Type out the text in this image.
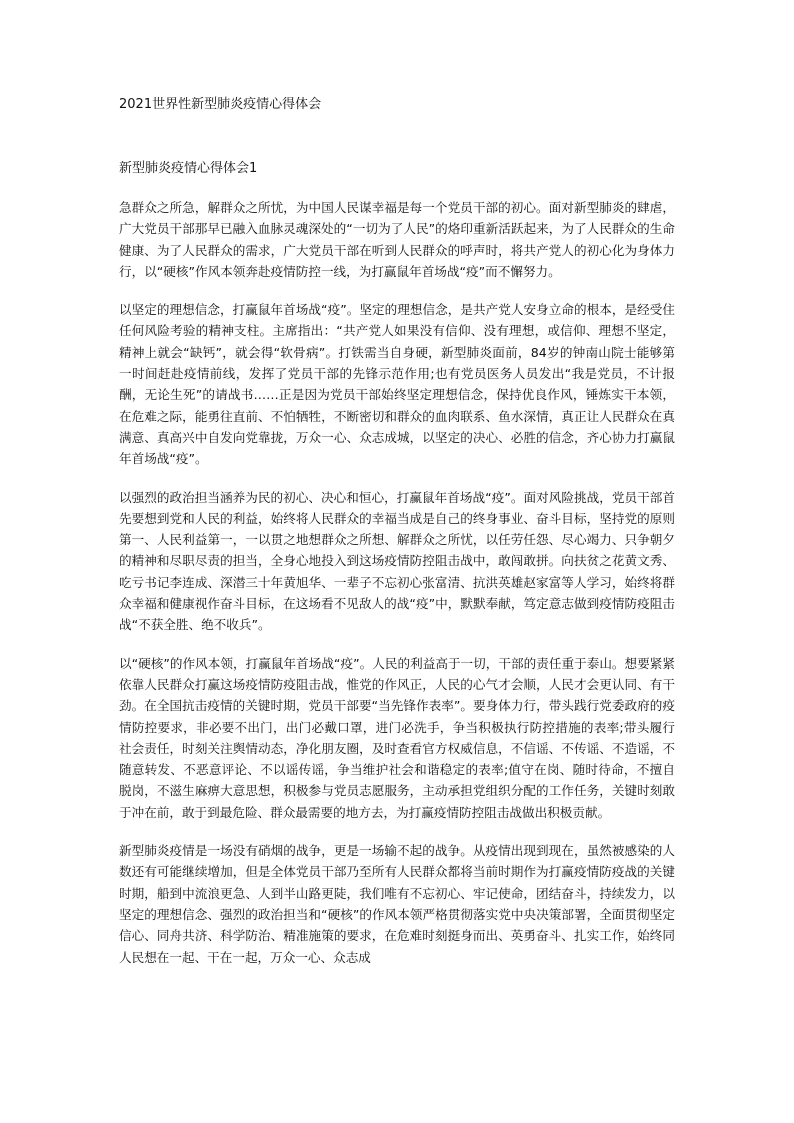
2021世界性新型肺炎疫情心得体会
新型肺炎疫情心得体会1

急群众之所急，解群众之所忧，为中国人民谋幸福是每一个党员干部的初心。面对新型肺炎的肆虐，广大党员干部那早已融入血脉灵魂深处的“一切为了人民”的烙印重新活跃起来，为了人民群众的生命健康、为了人民群众的需求，广大党员干部在听到人民群众的呼声时，将共产党人的初心化为身体力行，以“硬核”作风本领奔赴疫情防控一线，为打赢鼠年首场战“疫”而不懈努力。

以坚定的理想信念，打赢鼠年首场战“疫”。坚定的理想信念，是共产党人安身立命的根本，是经受住任何风险考验的精神支柱。主席指出：“共产党人如果没有信仰、没有理想，或信仰、理想不坚定，精神上就会“缺钙”，就会得“软骨病”。打铁需当自身硬，新型肺炎面前，84岁的钟南山院士能够第一时间赶赴疫情前线，发挥了党员干部的先锋示范作用;也有党员医务人员发出“我是党员，不计报酬，无论生死”的请战书……正是因为党员干部始终坚定理想信念，保持优良作风，锤炼实干本领，在危难之际，能勇往直前、不怕牺牲，不断密切和群众的血肉联系、鱼水深情，真正让人民群众在真满意、真高兴中自发向党靠拢，万众一心、众志成城，以坚定的决心、必胜的信念，齐心协力打赢鼠年首场战“疫”。

以强烈的政治担当涵养为民的初心、决心和恒心，打赢鼠年首场战“疫”。面对风险挑战，党员干部首先要想到党和人民的利益，始终将人民群众的幸福当成是自己的终身事业、奋斗目标，坚持党的原则第一、人民利益第一，一以贯之地想群众之所想、解群众之所忧，以任劳任怨、尽心竭力、只争朝夕的精神和尽职尽责的担当，全身心地投入到这场疫情防控阻击战中，敢闯敢拼。向扶贫之花黄文秀、吃亏书记李连成、深潜三十年黄旭华、一辈子不忘初心张富清、抗洪英雄赵家富等人学习，始终将群众幸福和健康视作奋斗目标，在这场看不见敌人的战“疫”中，默默奉献，笃定意志做到疫情防疫阻击战“不获全胜、绝不收兵”。

以“硬核”的作风本领，打赢鼠年首场战“疫”。人民的利益高于一切，干部的责任重于泰山。想要紧紧依靠人民群众打赢这场疫情防疫阻击战，惟党的作风正，人民的心气才会顺，人民才会更认同、有干劲。在全国抗击疫情的关键时期，党员干部要“当先锋作表率”。要身体力行，带头践行党委政府的疫情防控要求，非必要不出门，出门必戴口罩，进门必洗手，争当积极执行防控措施的表率;带头履行社会责任，时刻关注舆情动态，净化朋友圈，及时查看官方权威信息，不信谣、不传谣、不造谣，不随意转发、不恶意评论、不以谣传谣，争当维护社会和谐稳定的表率;值守在岗、随时待命，不擅自脱岗，不滋生麻痹大意思想，积极参与党员志愿服务，主动承担党组织分配的工作任务，关键时刻敢于冲在前，敢于到最危险、群众最需要的地方去，为打赢疫情防控阻击战做出积极贡献。

新型肺炎疫情是一场没有硝烟的战争，更是一场输不起的战争。从疫情出现到现在，虽然被感染的人数还有可能继续增加，但是全体党员干部乃至所有人民群众都将当前时期作为打赢疫情防疫战的关键时期，船到中流浪更急、人到半山路更陡，我们唯有不忘初心、牢记使命，团结奋斗，持续发力，以坚定的理想信念、强烈的政治担当和“硬核”的作风本领严格贯彻落实党中央决策部署，全面贯彻坚定信心、同舟共济、科学防治、精准施策的要求，在危难时刻挺身而出、英勇奋斗、扎实工作，始终同人民想在一起、干在一起，万众一心、众志成
